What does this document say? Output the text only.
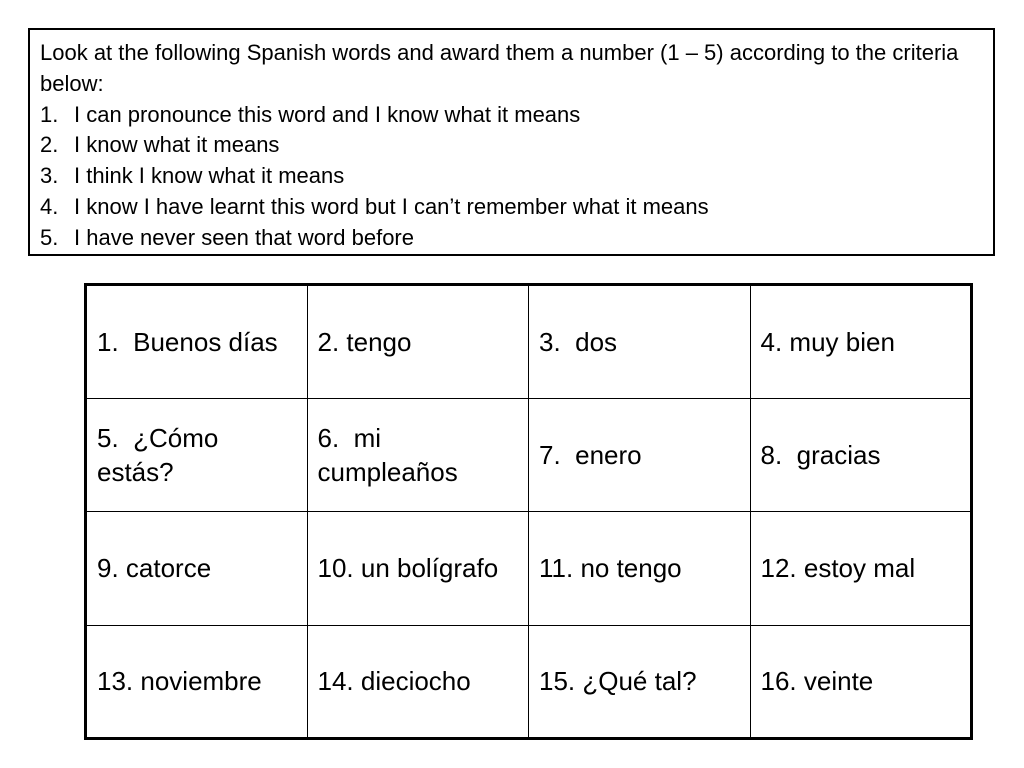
Look at the following Spanish words and award them a number (1 – 5) according to the criteria below:

1. I can pronounce this word and I know what it means
2. I know what it means
3. I think I know what it means
4. I know I have learnt this word but I can’t remember what it means
5. I have never seen that word before
1.  Buenos días	2. tengo	3.  dos	4. muy bien
5.  ¿Cómo estás?	6.  mi cumpleaños	7.  enero	8.  gracias
9. catorce	10. un bolígrafo	11. no tengo	12. estoy mal
13. noviembre	14. dieciocho	15. ¿Qué tal?	16. veinte
